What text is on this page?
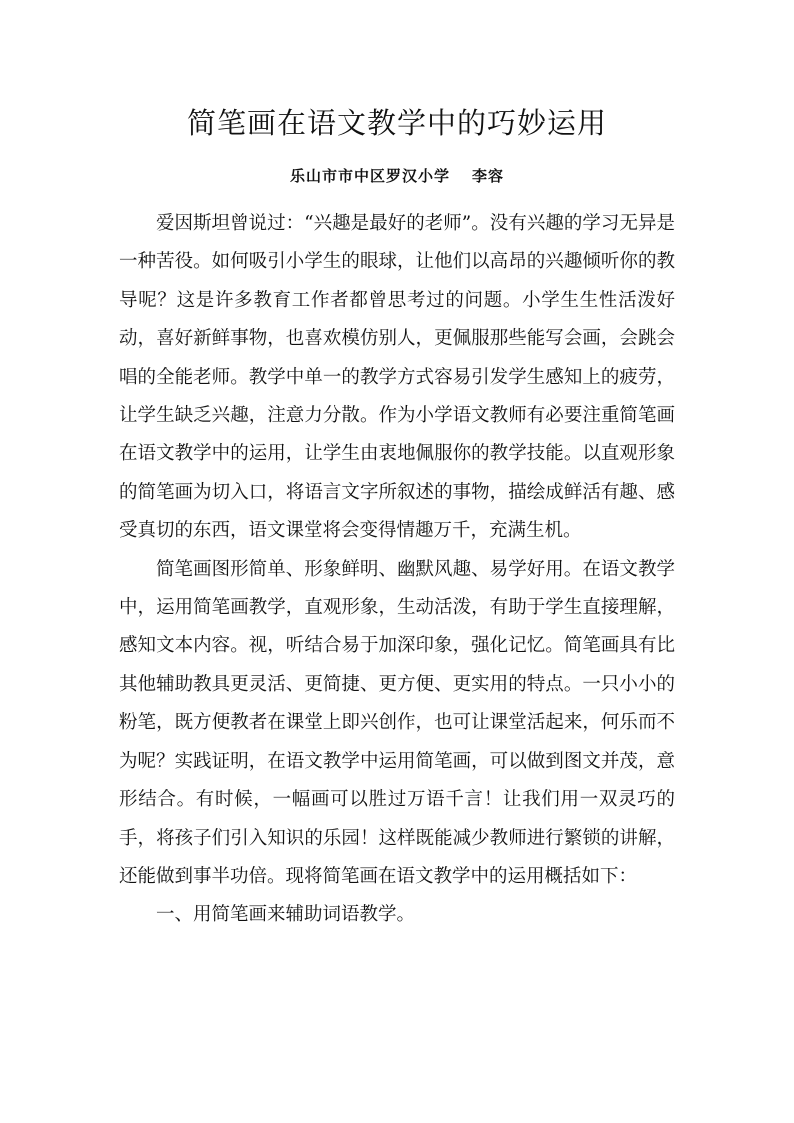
简笔画在语文教学中的巧妙运用
乐山市市中区罗汉小学 李容

爱因斯坦曾说过：“兴趣是最好的老师”。没有兴趣的学习无异是一种苦役。如何吸引小学生的眼球，让他们以高昂的兴趣倾听你的教导呢？这是许多教育工作者都曾思考过的问题。小学生生性活泼好动，喜好新鲜事物，也喜欢模仿别人，更佩服那些能写会画，会跳会唱的全能老师。教学中单一的教学方式容易引发学生感知上的疲劳，让学生缺乏兴趣，注意力分散。作为小学语文教师有必要注重简笔画在语文教学中的运用，让学生由衷地佩服你的教学技能。以直观形象的简笔画为切入口，将语言文字所叙述的事物，描绘成鲜活有趣、感受真切的东西，语文课堂将会变得情趣万千，充满生机。

简笔画图形简单、形象鲜明、幽默风趣、易学好用。在语文教学中，运用简笔画教学，直观形象，生动活泼，有助于学生直接理解，感知文本内容。视，听结合易于加深印象，强化记忆。简笔画具有比其他辅助教具更灵活、更简捷、更方便、更实用的特点。一只小小的粉笔，既方便教者在课堂上即兴创作，也可让课堂活起来，何乐而不为呢？实践证明，在语文教学中运用简笔画，可以做到图文并茂，意形结合。有时候，一幅画可以胜过万语千言！让我们用一双灵巧的手，将孩子们引入知识的乐园！这样既能减少教师进行繁锁的讲解，还能做到事半功倍。现将简笔画在语文教学中的运用概括如下：

一、用简笔画来辅助词语教学。
